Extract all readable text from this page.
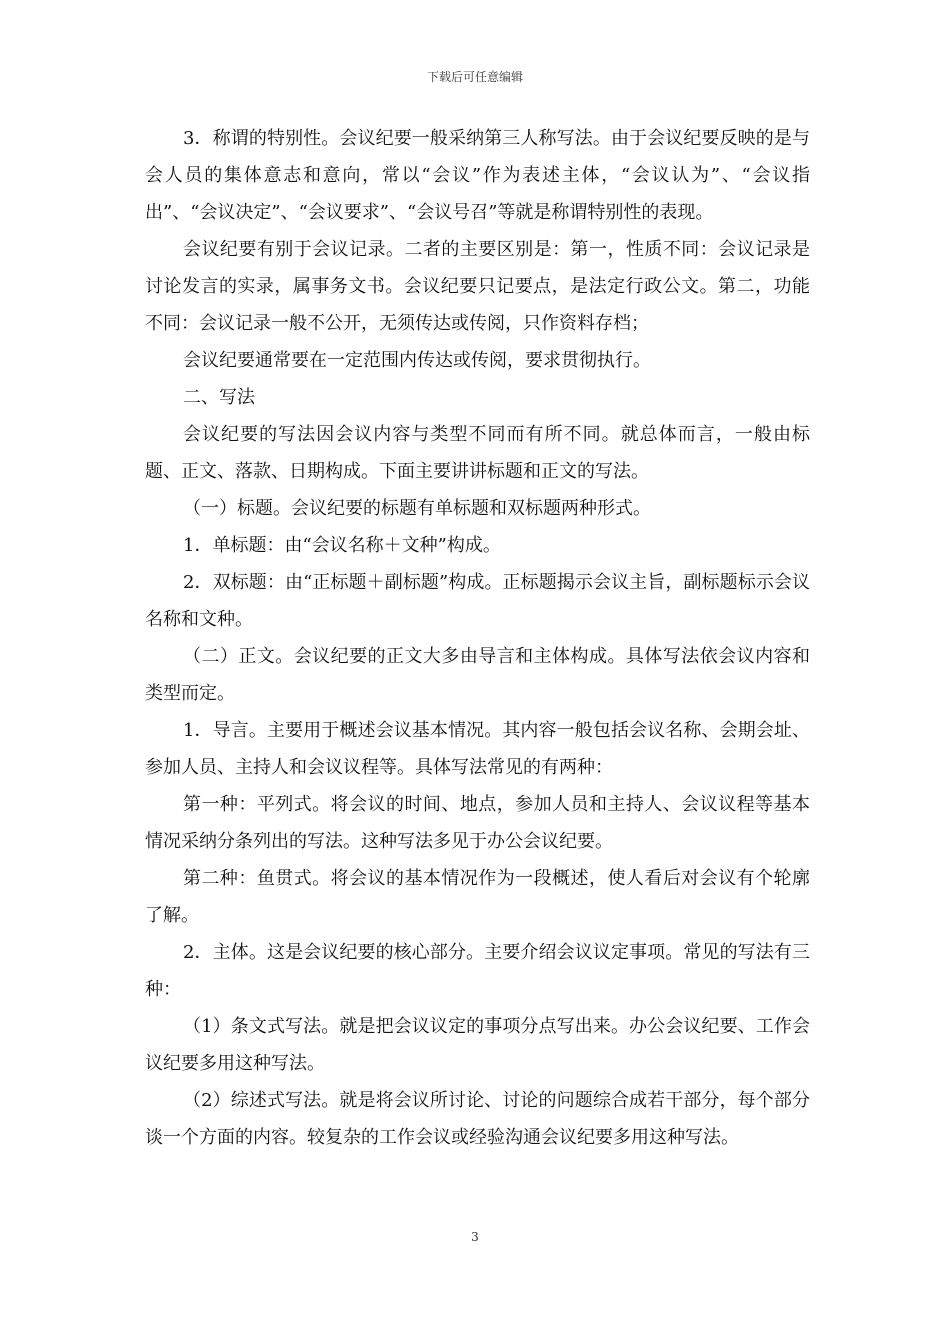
下载后可任意编辑

3．称谓的特别性。会议纪要一般采纳第三人称写法。由于会议纪要反映的是与会人员的集体意志和意向，常以“会议”作为表述主体，“会议认为”、“会议指出”、“会议决定”、“会议要求”、“会议号召”等就是称谓特别性的表现。

会议纪要有别于会议记录。二者的主要区别是：第一，性质不同：会议记录是讨论发言的实录，属事务文书。会议纪要只记要点，是法定行政公文。第二，功能不同：会议记录一般不公开，无须传达或传阅，只作资料存档；

会议纪要通常要在一定范围内传达或传阅，要求贯彻执行。

二、写法

会议纪要的写法因会议内容与类型不同而有所不同。就总体而言，一般由标题、正文、落款、日期构成。下面主要讲讲标题和正文的写法。

（一）标题。会议纪要的标题有单标题和双标题两种形式。

1．单标题：由“会议名称＋文种”构成。

2．双标题：由“正标题＋副标题”构成。正标题揭示会议主旨，副标题标示会议名称和文种。

（二）正文。会议纪要的正文大多由导言和主体构成。具体写法依会议内容和类型而定。

1．导言。主要用于概述会议基本情况。其内容一般包括会议名称、会期会址、参加人员、主持人和会议议程等。具体写法常见的有两种：

第一种：平列式。将会议的时间、地点，参加人员和主持人、会议议程等基本情况采纳分条列出的写法。这种写法多见于办公会议纪要。

第二种：鱼贯式。将会议的基本情况作为一段概述，使人看后对会议有个轮廓了解。

2．主体。这是会议纪要的核心部分。主要介绍会议议定事项。常见的写法有三种：

（1）条文式写法。就是把会议议定的事项分点写出来。办公会议纪要、工作会议纪要多用这种写法。

（2）综述式写法。就是将会议所讨论、讨论的问题综合成若干部分，每个部分谈一个方面的内容。较复杂的工作会议或经验沟通会议纪要多用这种写法。

3
